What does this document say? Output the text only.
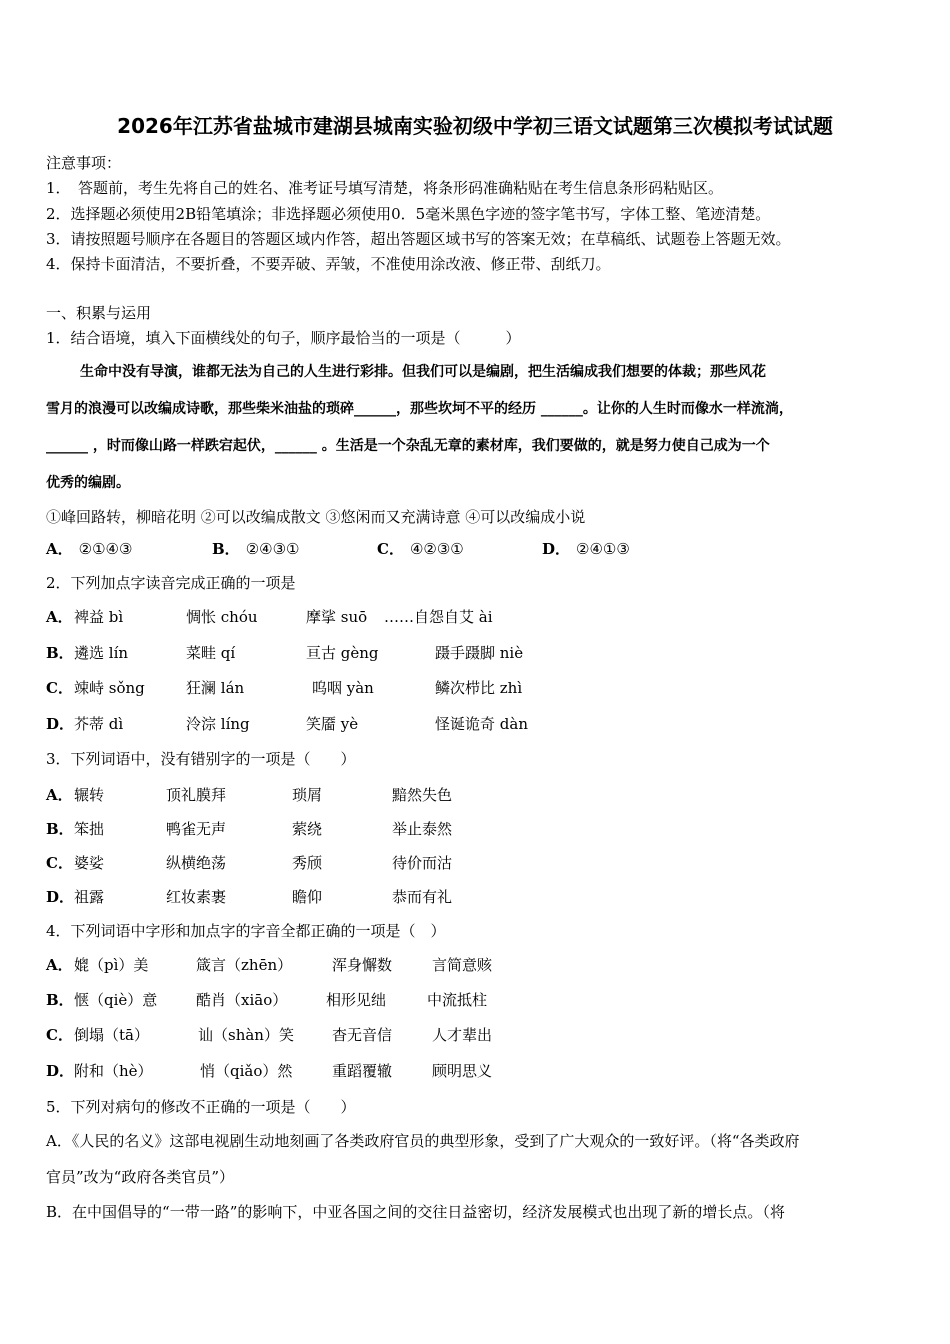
2026年江苏省盐城市建湖县城南实验初级中学初三语文试题第三次模拟考试试题
注意事项：
1．　答题前，考生先将自己的姓名、准考证号填写清楚，将条形码准确粘贴在考生信息条形码粘贴区。
2．选择题必须使用2B铅笔填涂；非选择题必须使用0．5毫米黑色字迹的签字笔书写，字体工整、笔迹清楚。
3．请按照题号顺序在各题目的答题区域内作答，超出答题区域书写的答案无效；在草稿纸、试题卷上答题无效。
4．保持卡面清洁，不要折叠，不要弄破、弄皱，不准使用涂改液、修正带、刮纸刀。
一、积累与运用
1．结合语境，填入下面横线处的句子，顺序最恰当的一项是（　　　）
生命中没有导演，谁都无法为自己的人生进行彩排。但我们可以是编剧，把生活编成我们想要的体裁；那些风花
雪月的浪漫可以改编成诗歌，那些柴米油盐的琐碎______，那些坎坷不平的经历 ______。让你的人生时而像水一样流淌，
______ ，时而像山路一样跌宕起伏，______ 。生活是一个杂乱无章的素材库，我们要做的，就是努力使自己成为一个
优秀的编剧。
①峰回路转，柳暗花明 ②可以改编成散文 ③悠闲而又充满诗意 ④可以改编成小说
A． ②①④③	B． ②④③①	C． ④②③①	D． ②④①③
2．下列加点字读音完成正确的一项是
A． 裨益 bì	惆怅 chóu	摩挲 suō ……自怨自艾 ài
B． 遴选 lín	菜畦 qí	亘古 gèng	蹑手蹑脚 niè
C． 竦峙 sǒng	狂澜 lán	呜咽 yàn	鳞次栉比 zhì
D． 芥蒂 dì	泠淙 líng	笑靥 yè	怪诞诡奇 dàn
3．下列词语中，没有错别字的一项是（　　）
A． 辗转	顶礼膜拜	琐屑	黯然失色
B． 笨拙	鸭雀无声	萦绕	举止泰然
C． 婆娑	纵横绝荡	秀颀	待价而沽
D． 祖露	红妆素裹	瞻仰	恭而有礼
4．下列词语中字形和加点字的字音全都正确的一项是（　）
A． 媲（pì）美	箴言（zhēn）	浑身懈数	言简意赅
B． 惬（qiè）意	酷肖（xiāo）	相形见绌	中流抵柱
C． 倒塌（tā）	讪（shàn）笑	杳无音信	人才辈出
D． 附和（hè）	悄（qiǎo）然	重蹈覆辙	顾明思义
5．下列对病句的修改不正确的一项是（　　）
A．《人民的名义》这部电视剧生动地刻画了各类政府官员的典型形象，受到了广大观众的一致好评。（将“各类政府
官员”改为“政府各类官员”）
B．在中国倡导的“一带一路”的影响下，中亚各国之间的交往日益密切，经济发展模式也出现了新的增长点。（将
